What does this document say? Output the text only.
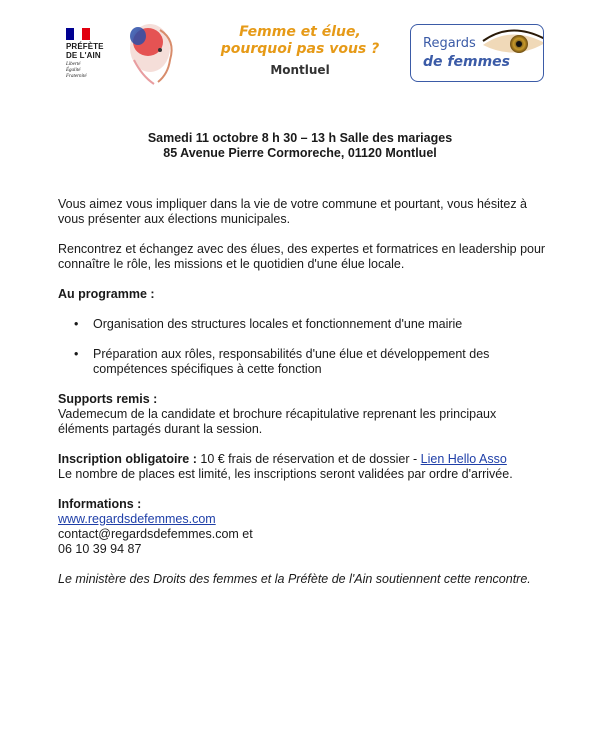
PRÉFÈTE
DE L'AIN
Liberté
Égalité
Fraternité
Femme et élue,
pourquoi pas vous ?
Montluel
Regards
de femmes
Samedi 11 octobre 8 h 30 – 13 h Salle des mariages
85 Avenue Pierre Cormoreche, 01120 Montluel

Vous aimez vous impliquer dans la vie de votre commune et pourtant, vous hésitez à vous présenter aux élections municipales.

Rencontrez et échangez avec des élues, des expertes et formatrices en leadership pour connaître le rôle, les missions et le quotidien d'une élue locale.

Au programme :

• Organisation des structures locales et fonctionnement d'une mairie
• Préparation aux rôles, responsabilités d'une élue et développement des compétences spécifiques à cette fonction

Supports remis :

Vademecum de la candidate et brochure récapitulative reprenant les principaux éléments partagés durant la session.

Inscription obligatoire : 10 € frais de réservation et de dossier - Lien Hello Asso

Le nombre de places est limité, les inscriptions seront validées par ordre d'arrivée.

Informations :

www.regardsdefemmes.com

contact@regardsdefemmes.com et

06 10 39 94 87

Le ministère des Droits des femmes et la Préfète de l'Ain soutiennent cette rencontre.
